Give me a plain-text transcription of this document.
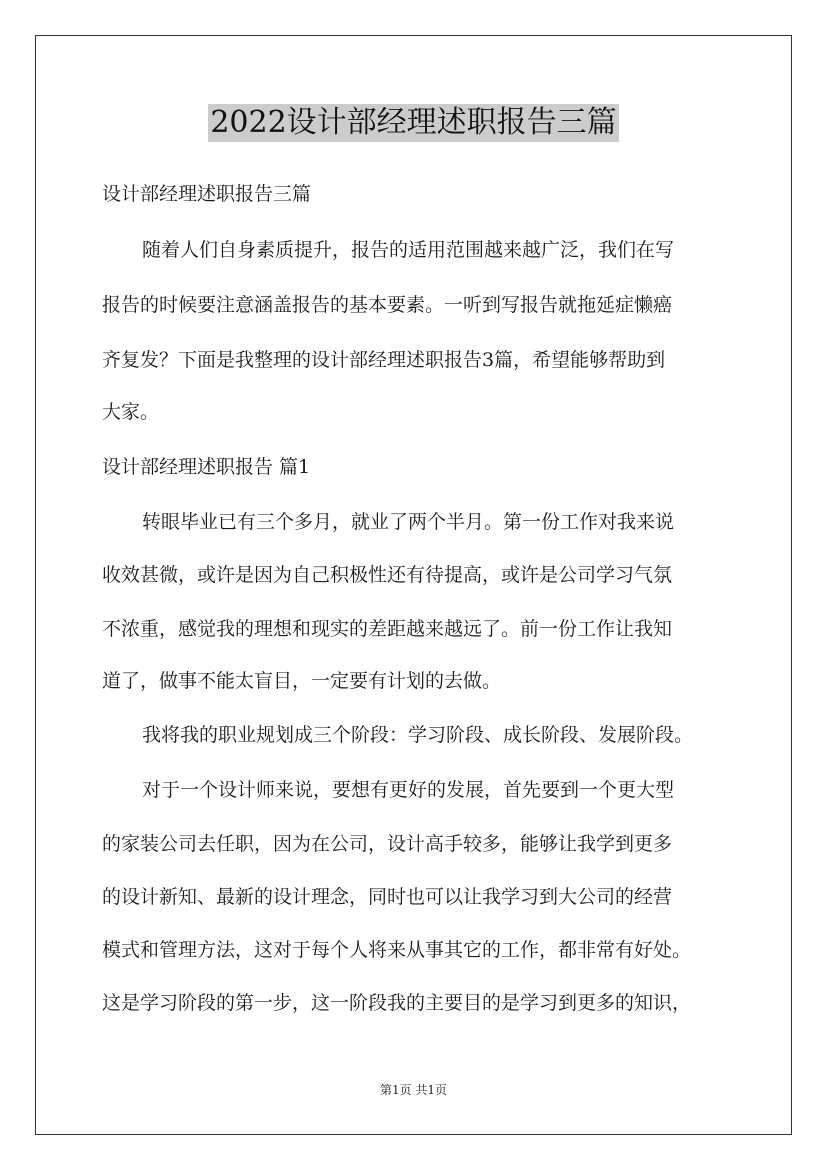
2022设计部经理述职报告三篇
设计部经理述职报告三篇
随着人们自身素质提升，报告的适用范围越来越广泛，我们在写
报告的时候要注意涵盖报告的基本要素。一听到写报告就拖延症懒癌
齐复发？下面是我整理的设计部经理述职报告3篇，希望能够帮助到
大家。
设计部经理述职报告 篇1
转眼毕业已有三个多月，就业了两个半月。第一份工作对我来说
收效甚微，或许是因为自己积极性还有待提高，或许是公司学习气氛
不浓重，感觉我的理想和现实的差距越来越远了。前一份工作让我知
道了，做事不能太盲目，一定要有计划的去做。
我将我的职业规划成三个阶段：学习阶段、成长阶段、发展阶段。
对于一个设计师来说，要想有更好的发展，首先要到一个更大型
的家装公司去任职，因为在公司，设计高手较多，能够让我学到更多
的设计新知、最新的设计理念，同时也可以让我学习到大公司的经营
模式和管理方法，这对于每个人将来从事其它的工作，都非常有好处。
这是学习阶段的第一步，这一阶段我的主要目的是学习到更多的知识，
第1页 共1页
